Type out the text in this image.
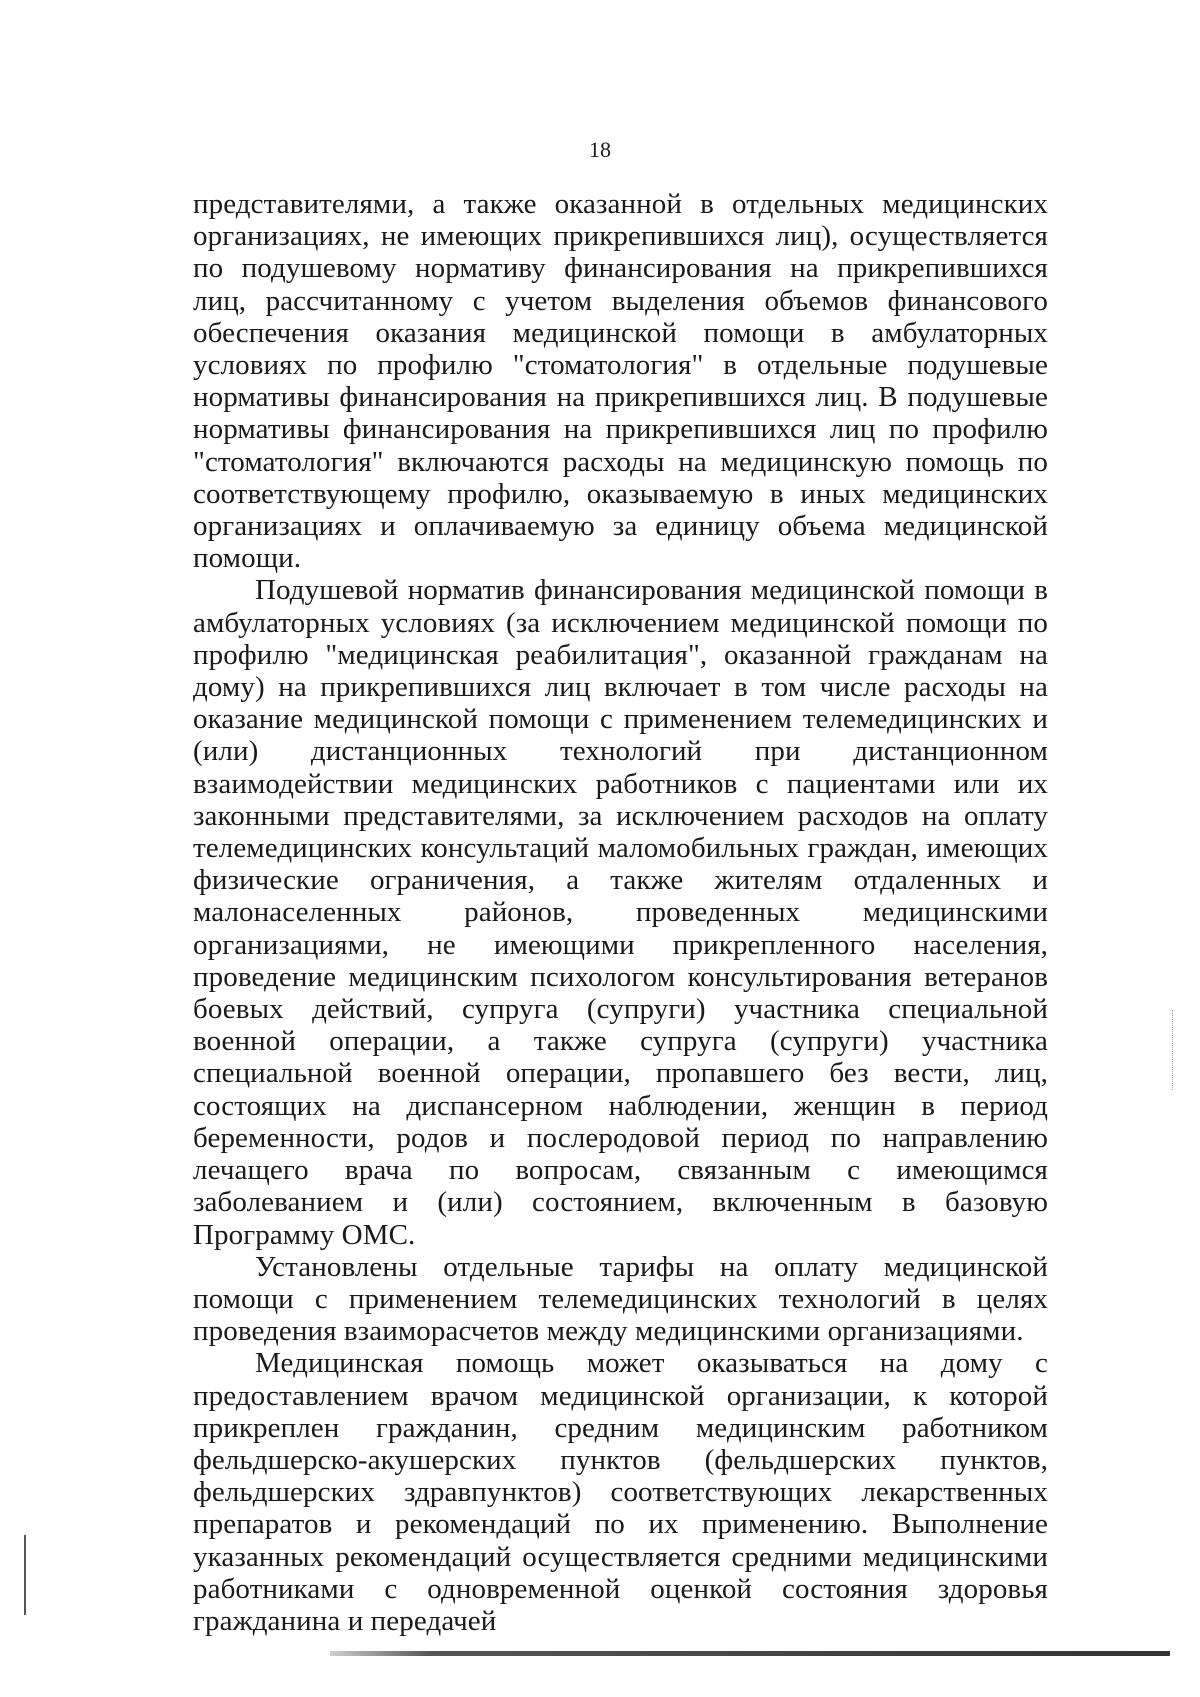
18

представителями, а также оказанной в отдельных медицинских организациях, не имеющих прикрепившихся лиц), осуществляется по подушевому нормативу финансирования на прикрепившихся лиц, рассчитанному с учетом выделения объемов финансового обеспечения оказания медицинской помощи в амбулаторных условиях по профилю "стоматология" в отдельные подушевые нормативы финансирования на прикрепившихся лиц. В подушевые нормативы финансирования на прикрепившихся лиц по профилю "стоматология" включаются расходы на медицинскую помощь по соответствующему профилю, оказываемую в иных медицинских организациях и оплачиваемую за единицу объема медицинской помощи.

Подушевой норматив финансирования медицинской помощи в амбулаторных условиях (за исключением медицинской помощи по профилю "медицинская реабилитация", оказанной гражданам на дому) на прикрепившихся лиц включает в том числе расходы на оказание медицинской помощи с применением телемедицинских и (или) дистанционных технологий при дистанционном взаимодействии медицинских работников с пациентами или их законными представителями, за исключением расходов на оплату телемедицинских консультаций маломобильных граждан, имеющих физические ограничения, а также жителям отдаленных и малонаселенных районов, проведенных медицинскими организациями, не имеющими прикрепленного населения, проведение медицинским психологом консультирования ветеранов боевых действий, супруга (супруги) участника специальной военной операции, а также супруга (супруги) участника специальной военной операции, пропавшего без вести, лиц, состоящих на диспансерном наблюдении, женщин в период беременности, родов и послеродовой период по направлению лечащего врача по вопросам, связанным с имеющимся заболеванием и (или) состоянием, включенным в базовую Программу ОМС.

Установлены отдельные тарифы на оплату медицинской помощи с применением телемедицинских технологий в целях проведения взаиморасчетов между медицинскими организациями.

Медицинская помощь может оказываться на дому с предоставлением врачом медицинской организации, к которой прикреплен гражданин, средним медицинским работником фельдшерско-акушерских пунктов (фельдшерских пунктов, фельдшерских здравпунктов) соответствующих лекарственных препаратов и рекомендаций по их применению. Выполнение указанных рекомендаций осуществляется средними медицинскими работниками с одновременной оценкой состояния здоровья гражданина и передачей
